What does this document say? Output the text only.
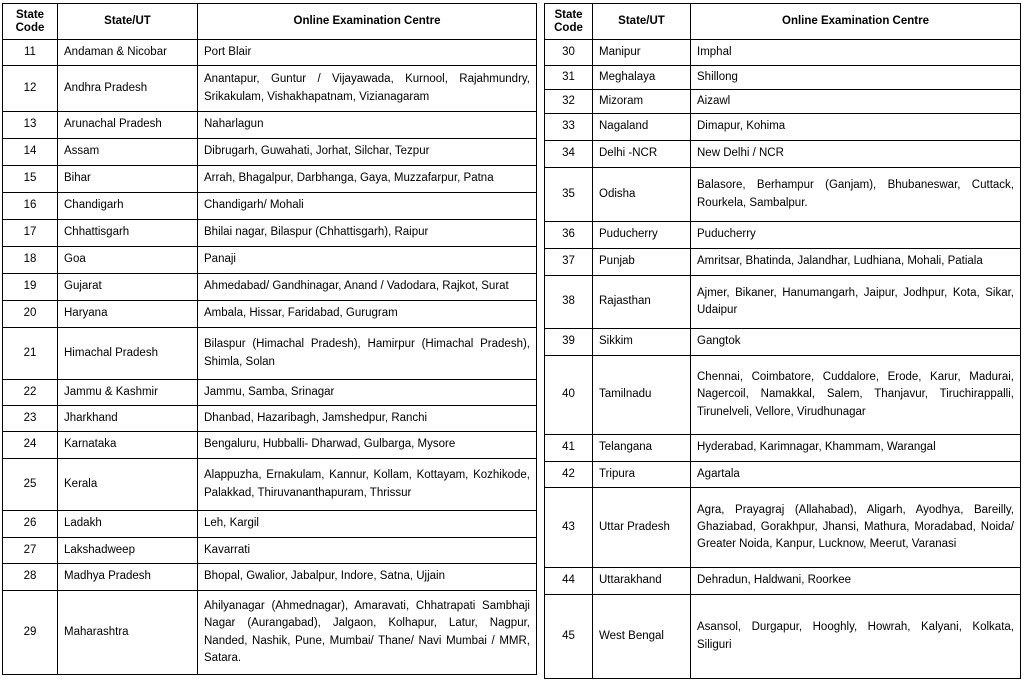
State Code	State/UT	Online Examination Centre
11	Andaman & Nicobar	Port Blair
12	Andhra Pradesh	Anantapur, Guntur / Vijayawada, Kurnool, Rajahmundry, Srikakulam, Vishakhapatnam, Vizianagaram
13	Arunachal Pradesh	Naharlagun
14	Assam	Dibrugarh, Guwahati, Jorhat, Silchar, Tezpur
15	Bihar	Arrah, Bhagalpur, Darbhanga, Gaya, Muzzafarpur, Patna
16	Chandigarh	Chandigarh/ Mohali
17	Chhattisgarh	Bhilai nagar, Bilaspur (Chhattisgarh), Raipur
18	Goa	Panaji
19	Gujarat	Ahmedabad/ Gandhinagar, Anand / Vadodara, Rajkot, Surat
20	Haryana	Ambala, Hissar, Faridabad, Gurugram
21	Himachal Pradesh	Bilaspur (Himachal Pradesh), Hamirpur (Himachal Pradesh), Shimla, Solan
22	Jammu & Kashmir	Jammu, Samba, Srinagar
23	Jharkhand	Dhanbad, Hazaribagh, Jamshedpur, Ranchi
24	Karnataka	Bengaluru, Hubballi- Dharwad, Gulbarga, Mysore
25	Kerala	Alappuzha, Ernakulam, Kannur, Kollam, Kottayam, Kozhikode, Palakkad, Thiruvananthapuram, Thrissur
26	Ladakh	Leh, Kargil
27	Lakshadweep	Kavarrati
28	Madhya Pradesh	Bhopal, Gwalior, Jabalpur, Indore, Satna, Ujjain
29	Maharashtra	Ahilyanagar (Ahmednagar), Amaravati, Chhatrapati Sambhaji Nagar (Aurangabad), Jalgaon, Kolhapur, Latur, Nagpur, Nanded, Nashik, Pune, Mumbai/ Thane/ Navi Mumbai / MMR, Satara.
State Code	State/UT	Online Examination Centre
30	Manipur	Imphal
31	Meghalaya	Shillong
32	Mizoram	Aizawl
33	Nagaland	Dimapur, Kohima
34	Delhi -NCR	New Delhi / NCR
35	Odisha	Balasore, Berhampur (Ganjam), Bhubaneswar, Cuttack, Rourkela, Sambalpur.
36	Puducherry	Puducherry
37	Punjab	Amritsar, Bhatinda, Jalandhar, Ludhiana, Mohali, Patiala
38	Rajasthan	Ajmer, Bikaner, Hanumangarh, Jaipur, Jodhpur, Kota, Sikar, Udaipur
39	Sikkim	Gangtok
40	Tamilnadu	Chennai, Coimbatore, Cuddalore, Erode, Karur, Madurai, Nagercoil, Namakkal, Salem, Thanjavur, Tiruchirappalli, Tirunelveli, Vellore, Virudhunagar
41	Telangana	Hyderabad, Karimnagar, Khammam, Warangal
42	Tripura	Agartala
43	Uttar Pradesh	Agra, Prayagraj (Allahabad), Aligarh, Ayodhya, Bareilly, Ghaziabad, Gorakhpur, Jhansi, Mathura, Moradabad, Noida/ Greater Noida, Kanpur, Lucknow, Meerut, Varanasi
44	Uttarakhand	Dehradun, Haldwani, Roorkee
45	West Bengal	Asansol, Durgapur, Hooghly, Howrah, Kalyani, Kolkata, Siliguri
